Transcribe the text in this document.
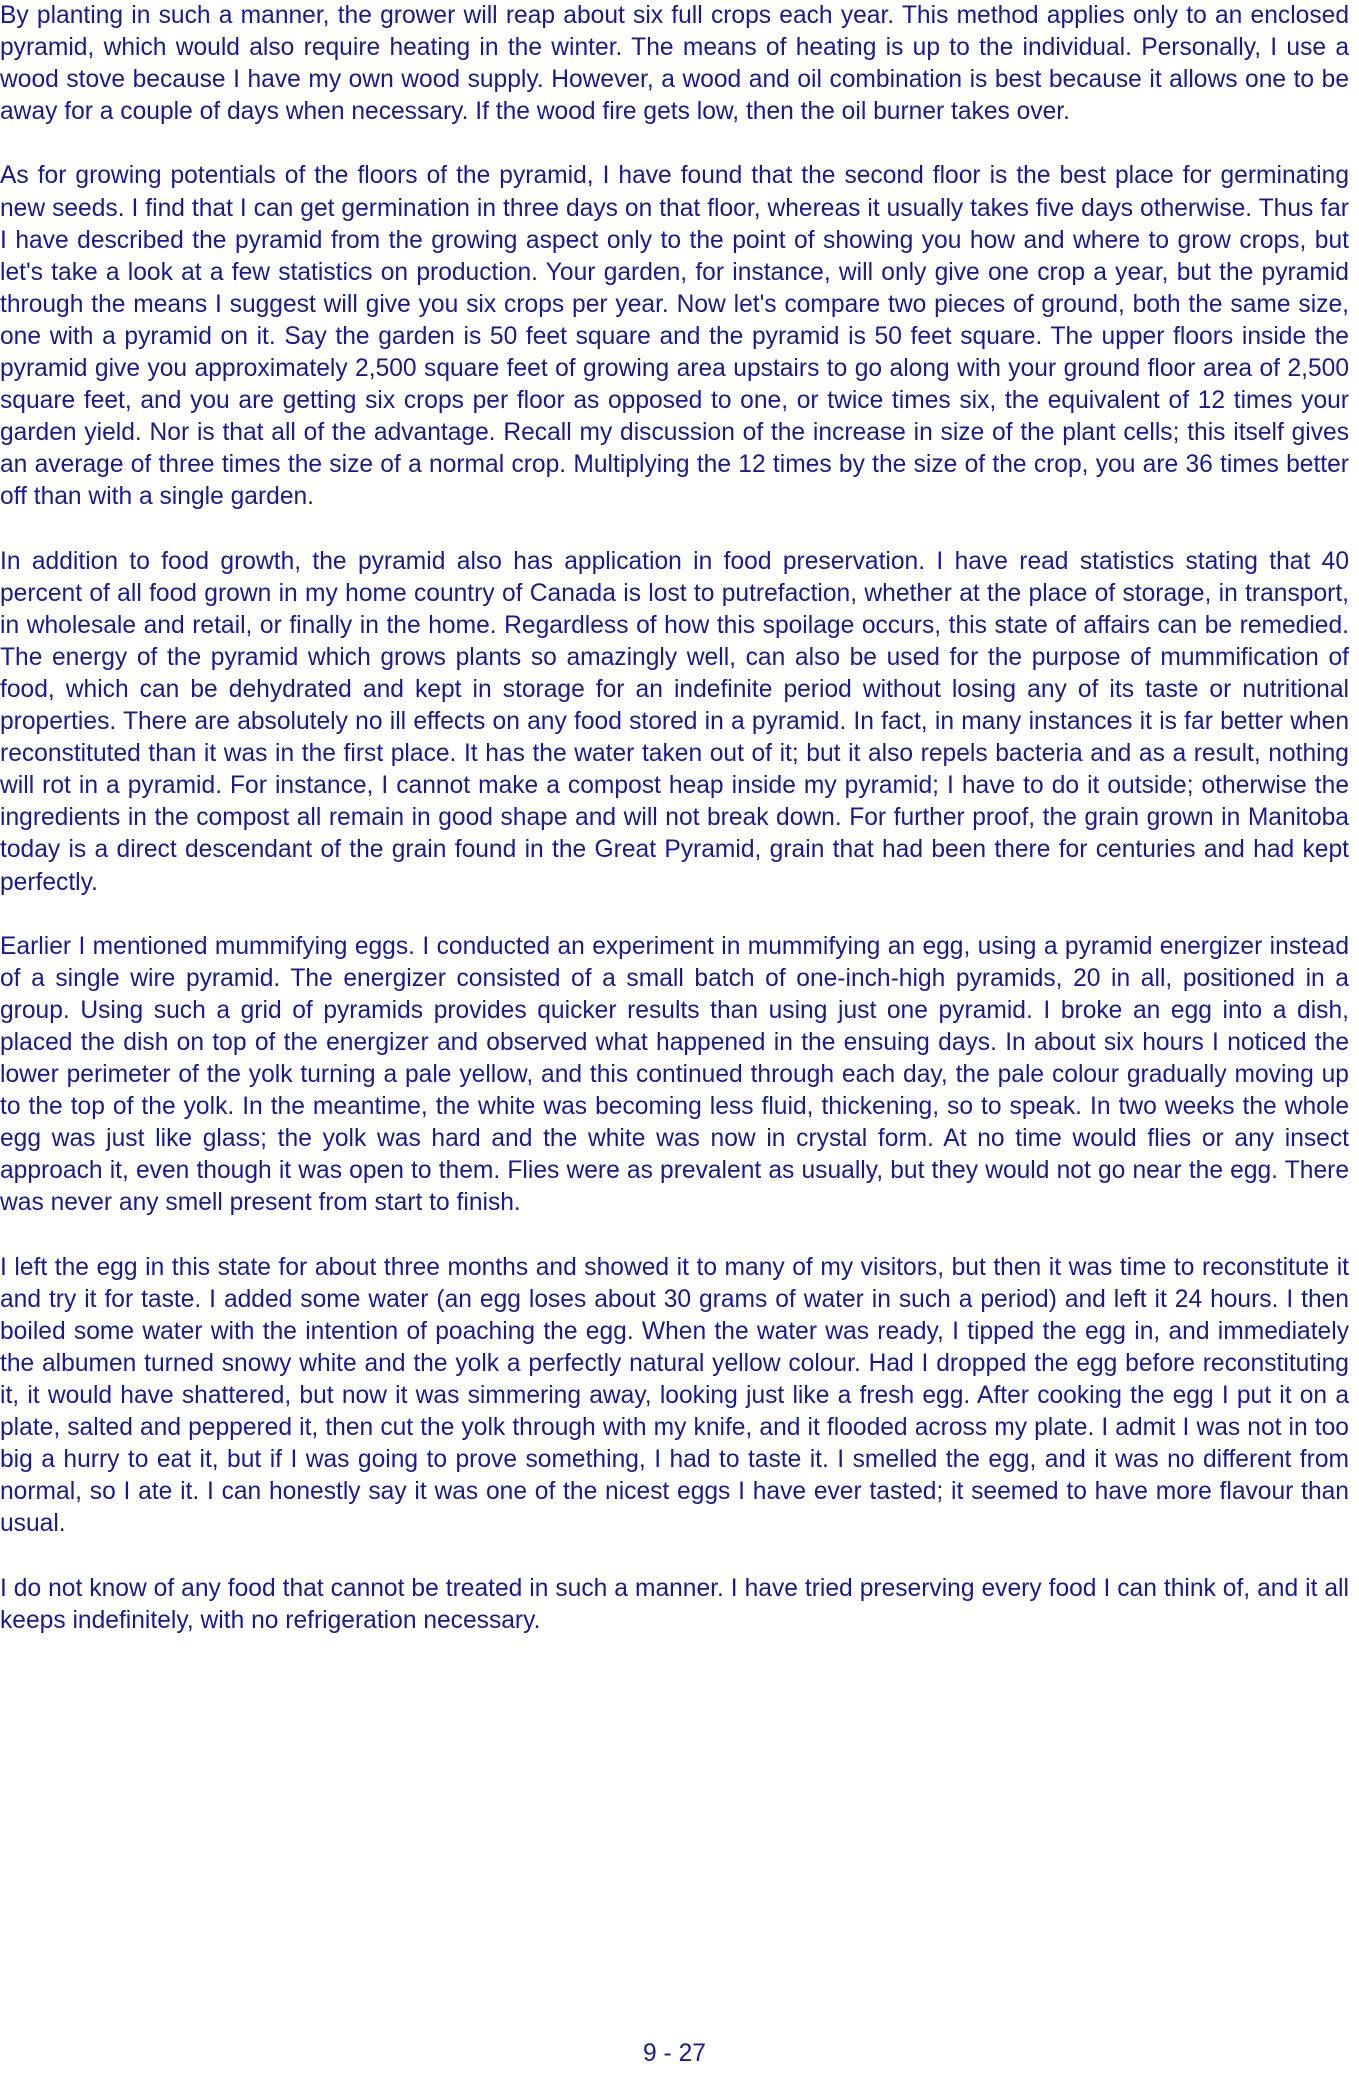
By planting in such a manner, the grower will reap about six full crops each year. This method applies only to an enclosed pyramid, which would also require heating in the winter. The means of heating is up to the individual. Personally, I use a wood stove because I have my own wood supply. However, a wood and oil combination is best because it allows one to be away for a couple of days when necessary. If the wood fire gets low, then the oil burner takes over.

As for growing potentials of the floors of the pyramid, I have found that the second floor is the best place for germinating new seeds. I find that I can get germination in three days on that floor, whereas it usually takes five days otherwise. Thus far I have described the pyramid from the growing aspect only to the point of showing you how and where to grow crops, but let's take a look at a few statistics on production. Your garden, for instance, will only give one crop a year, but the pyramid through the means I suggest will give you six crops per year. Now let's compare two pieces of ground, both the same size, one with a pyramid on it. Say the garden is 50 feet square and the pyramid is 50 feet square. The upper floors inside the pyramid give you approximately 2,500 square feet of growing area upstairs to go along with your ground floor area of 2,500 square feet, and you are getting six crops per floor as opposed to one, or twice times six, the equivalent of 12 times your garden yield. Nor is that all of the advantage. Recall my discussion of the increase in size of the plant cells; this itself gives an average of three times the size of a normal crop. Multiplying the 12 times by the size of the crop, you are 36 times better off than with a single garden.

In addition to food growth, the pyramid also has application in food preservation. I have read statistics stating that 40 percent of all food grown in my home country of Canada is lost to putrefaction, whether at the place of storage, in transport, in wholesale and retail, or finally in the home. Regardless of how this spoilage occurs, this state of affairs can be remedied. The energy of the pyramid which grows plants so amazingly well, can also be used for the purpose of mummification of food, which can be dehydrated and kept in storage for an indefinite period without losing any of its taste or nutritional properties. There are absolutely no ill effects on any food stored in a pyramid. In fact, in many instances it is far better when reconstituted than it was in the first place. It has the water taken out of it; but it also repels bacteria and as a result, nothing will rot in a pyramid. For instance, I cannot make a compost heap inside my pyramid; I have to do it outside; otherwise the ingredients in the compost all remain in good shape and will not break down. For further proof, the grain grown in Manitoba today is a direct descendant of the grain found in the Great Pyramid, grain that had been there for centuries and had kept perfectly.

Earlier I mentioned mummifying eggs. I conducted an experiment in mummifying an egg, using a pyramid energizer instead of a single wire pyramid. The energizer consisted of a small batch of one-inch-high pyramids, 20 in all, positioned in a group. Using such a grid of pyramids provides quicker results than using just one pyramid. I broke an egg into a dish, placed the dish on top of the energizer and observed what happened in the ensuing days. In about six hours I noticed the lower perimeter of the yolk turning a pale yellow, and this continued through each day, the pale colour gradually moving up to the top of the yolk. In the meantime, the white was becoming less fluid, thickening, so to speak. In two weeks the whole egg was just like glass; the yolk was hard and the white was now in crystal form. At no time would flies or any insect approach it, even though it was open to them. Flies were as prevalent as usually, but they would not go near the egg. There was never any smell present from start to finish.

I left the egg in this state for about three months and showed it to many of my visitors, but then it was time to reconstitute it and try it for taste. I added some water (an egg loses about 30 grams of water in such a period) and left it 24 hours. I then boiled some water with the intention of poaching the egg. When the water was ready, I tipped the egg in, and immediately the albumen turned snowy white and the yolk a perfectly natural yellow colour. Had I dropped the egg before reconstituting it, it would have shattered, but now it was simmering away, looking just like a fresh egg. After cooking the egg I put it on a plate, salted and peppered it, then cut the yolk through with my knife, and it flooded across my plate. I admit I was not in too big a hurry to eat it, but if I was going to prove something, I had to taste it. I smelled the egg, and it was no different from normal, so I ate it. I can honestly say it was one of the nicest eggs I have ever tasted; it seemed to have more flavour than usual.

I do not know of any food that cannot be treated in such a manner. I have tried preserving every food I can think of, and it all keeps indefinitely, with no refrigeration necessary.

9 - 27
